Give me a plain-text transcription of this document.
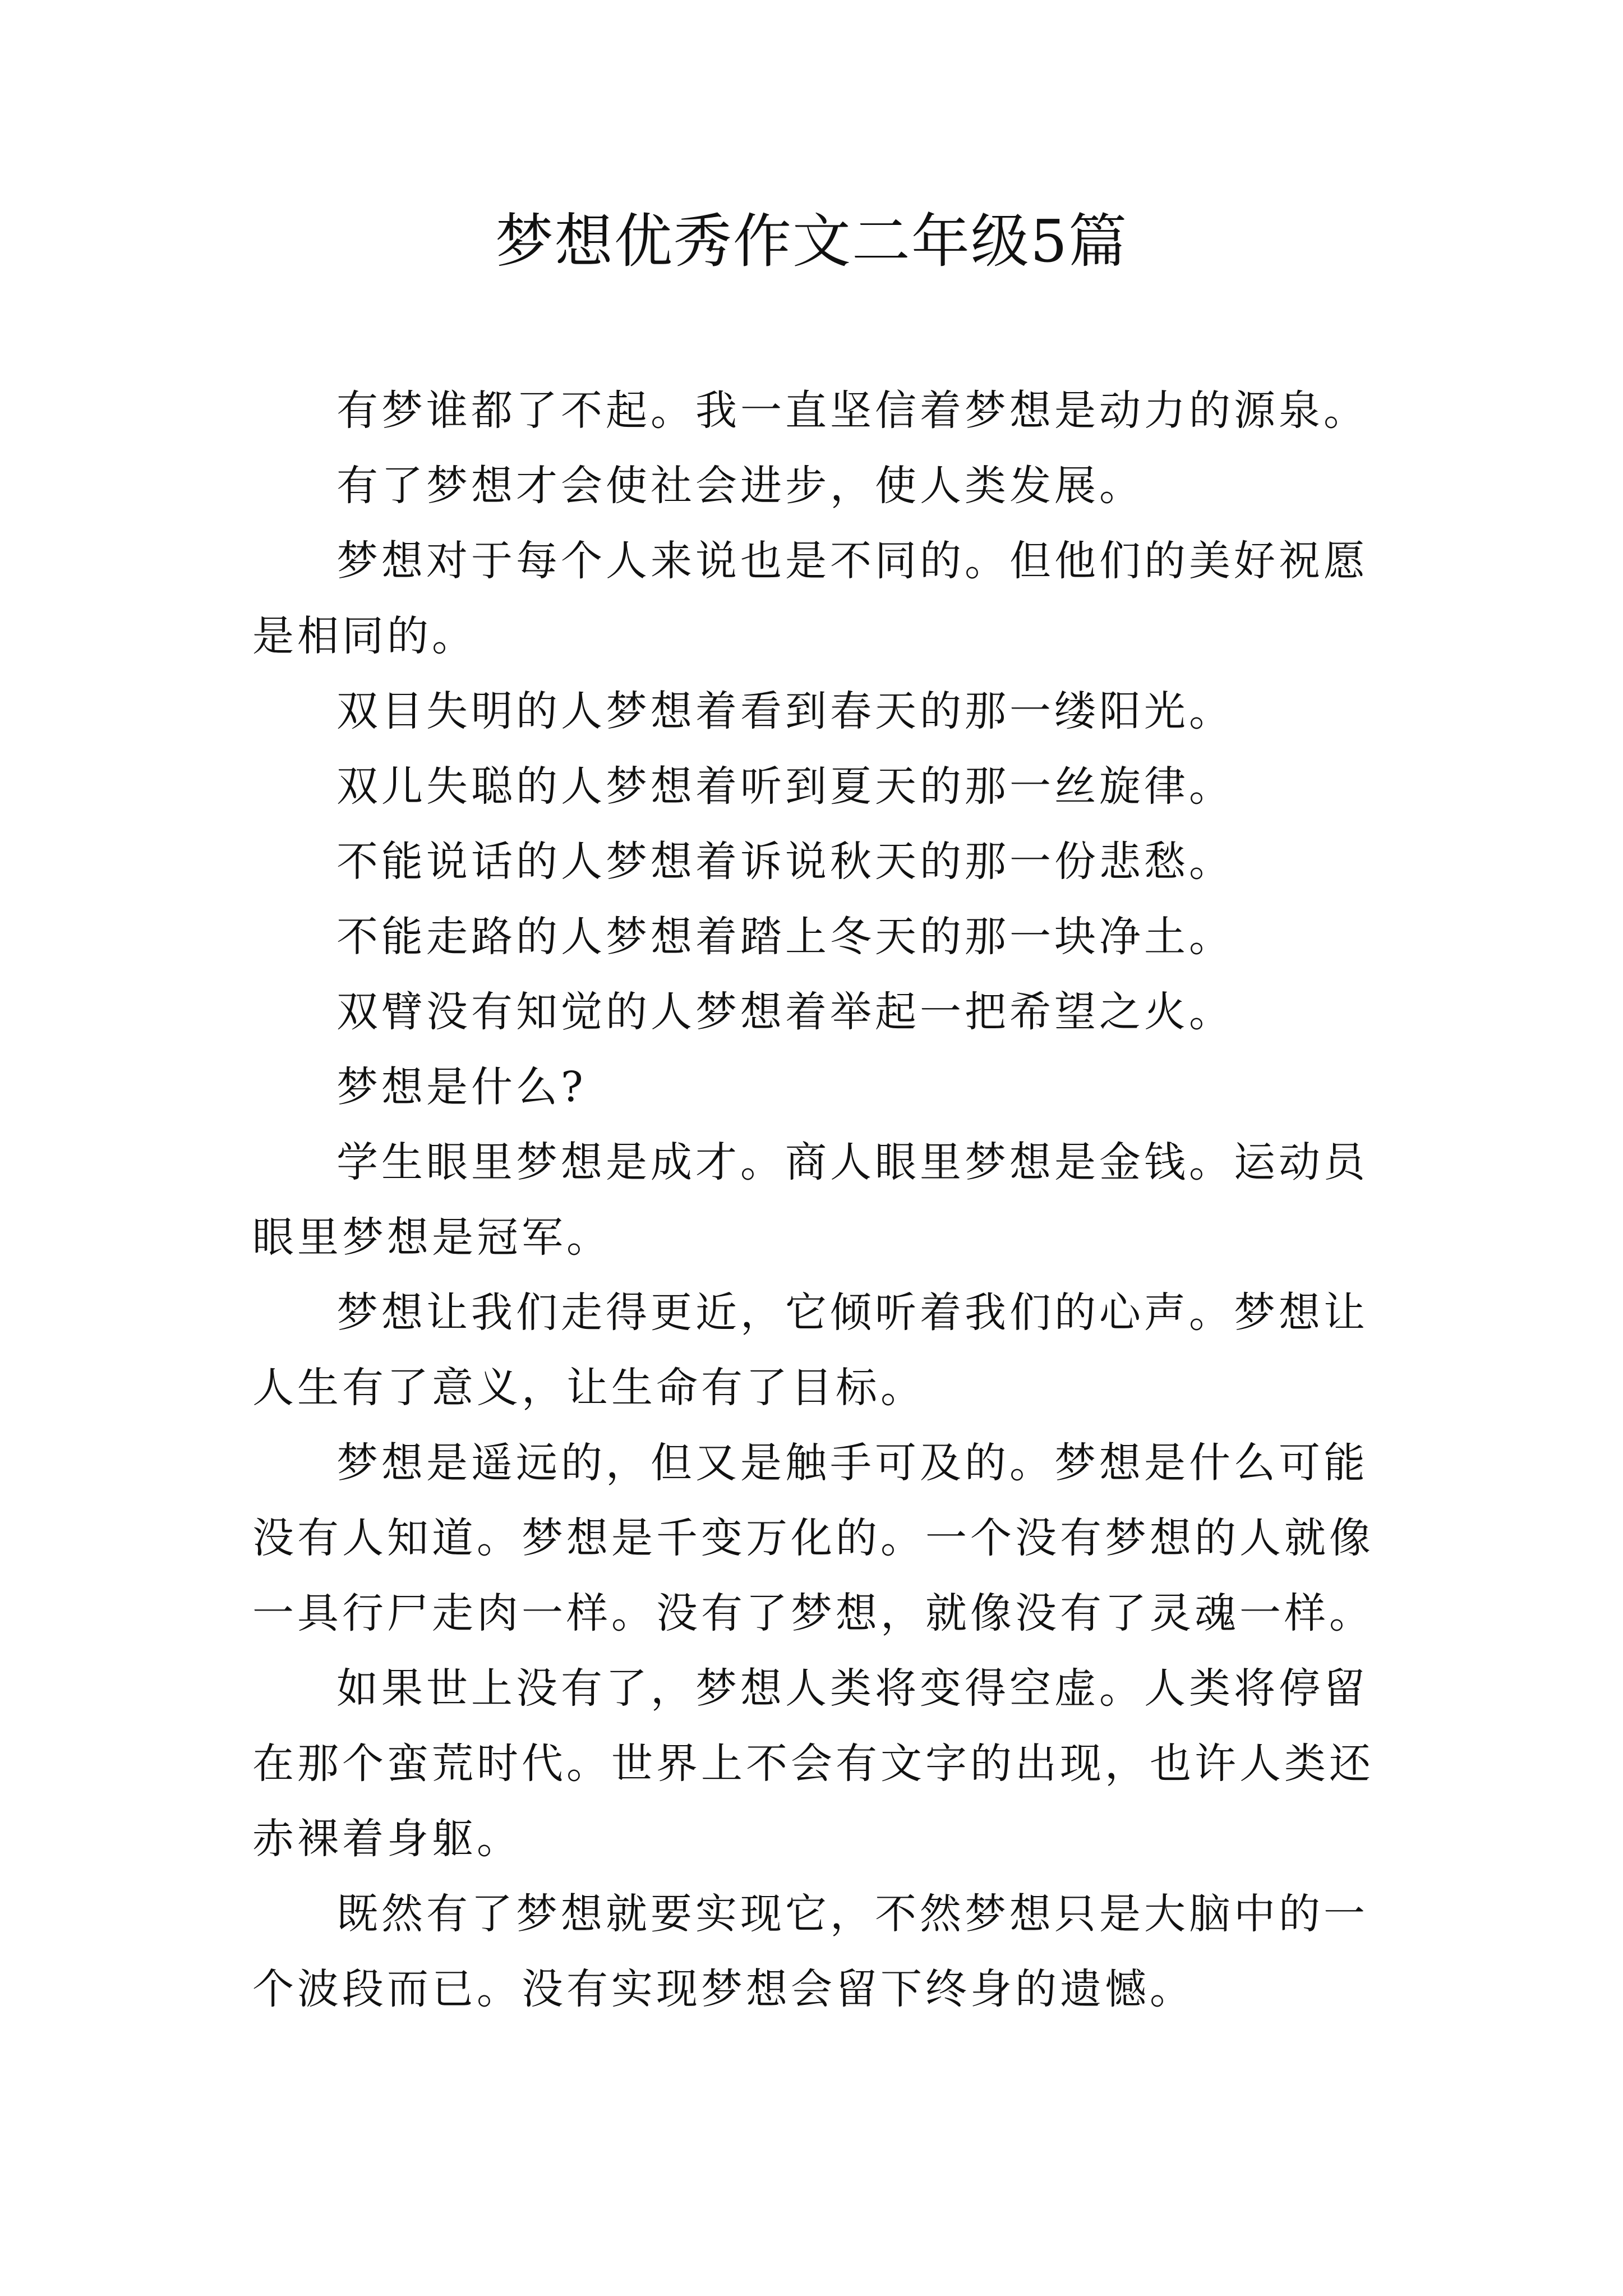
梦想优秀作文二年级5篇

有梦谁都了不起。我一直坚信着梦想是动力的源泉。

有了梦想才会使社会进步，使人类发展。

梦想对于每个人来说也是不同的。但他们的美好祝愿是相同的。

双目失明的人梦想着看到春天的那一缕阳光。

双儿失聪的人梦想着听到夏天的那一丝旋律。

不能说话的人梦想着诉说秋天的那一份悲愁。

不能走路的人梦想着踏上冬天的那一块净土。

双臂没有知觉的人梦想着举起一把希望之火。

梦想是什么?

学生眼里梦想是成才。商人眼里梦想是金钱。运动员眼里梦想是冠军。

梦想让我们走得更近，它倾听着我们的心声。梦想让人生有了意义，让生命有了目标。

梦想是遥远的，但又是触手可及的。梦想是什么可能没有人知道。梦想是千变万化的。一个没有梦想的人就像一具行尸走肉一样。没有了梦想，就像没有了灵魂一样。

如果世上没有了，梦想人类将变得空虚。人类将停留在那个蛮荒时代。世界上不会有文字的出现，也许人类还赤裸着身躯。

既然有了梦想就要实现它，不然梦想只是大脑中的一个波段而已。没有实现梦想会留下终身的遗憾。
